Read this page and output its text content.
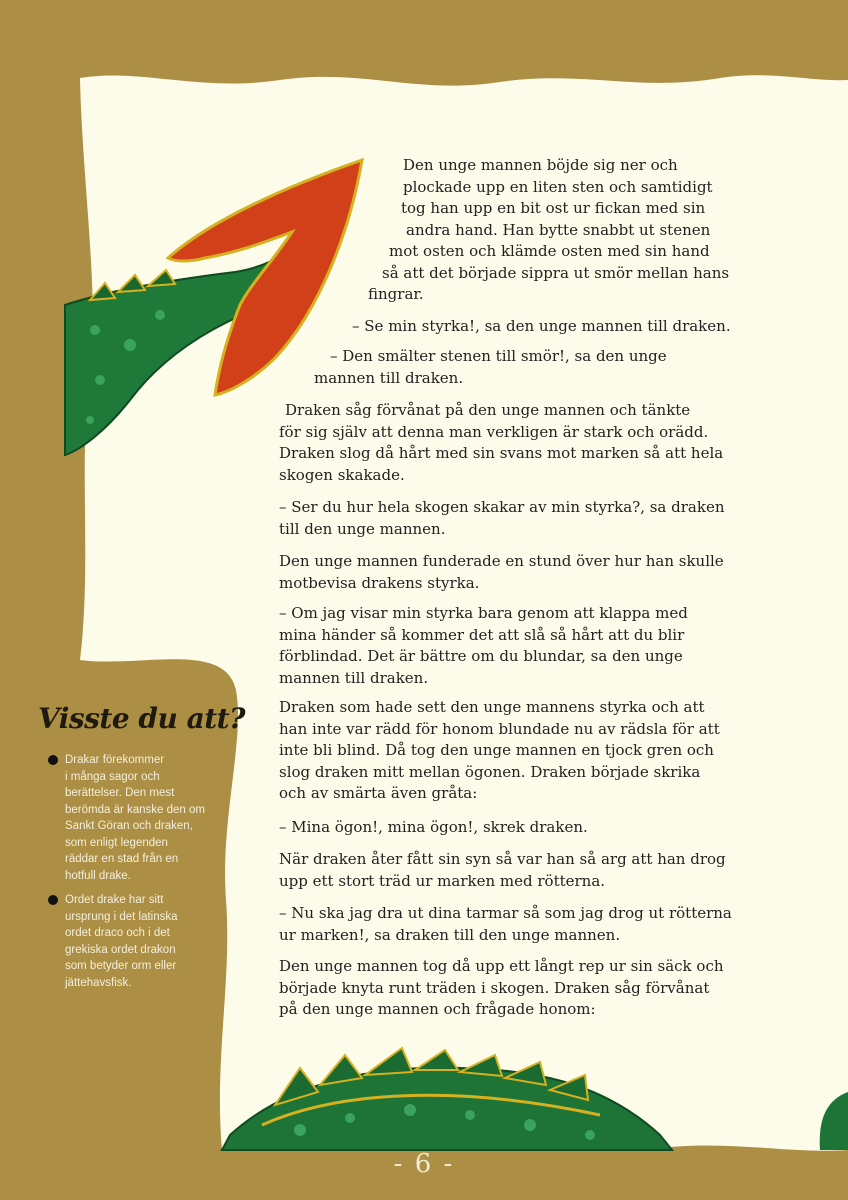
Den unge mannen böjde sig ner och
plockade upp en liten sten och samtidigt
tog han upp en bit ost ur fickan med sin
andra hand. Han bytte snabbt ut stenen
mot osten och klämde osten med sin hand
så att det började sippra ut smör mellan hans
fingrar.

– Se min styrka!, sa den unge mannen till draken.

– Den smälter stenen till smör!, sa den unge
mannen till draken.

Draken såg förvånat på den unge mannen och tänkte
för sig själv att denna man verkligen är stark och orädd.
Draken slog då hårt med sin svans mot marken så att hela
skogen skakade.

– Ser du hur hela skogen skakar av min styrka?, sa draken
till den unge mannen.

Den unge mannen funderade en stund över hur han skulle
motbevisa drakens styrka.

– Om jag visar min styrka bara genom att klappa med
mina händer så kommer det att slå så hårt att du blir
förblindad. Det är bättre om du blundar, sa den unge
mannen till draken.

Draken som hade sett den unge mannens styrka och att
han inte var rädd för honom blundade nu av rädsla för att
inte bli blind. Då tog den unge mannen en tjock gren och
slog draken mitt mellan ögonen. Draken började skrika
och av smärta även gråta:

– Mina ögon!, mina ögon!, skrek draken.

När draken åter fått sin syn så var han så arg att han drog
upp ett stort träd ur marken med rötterna.

– Nu ska jag dra ut dina tarmar så som jag drog ut rötterna
ur marken!, sa draken till den unge mannen.

Den unge mannen tog då upp ett långt rep ur sin säck och
började knyta runt träden i skogen. Draken såg förvånat
på den unge mannen och frågade honom:

Visste du att?
Drakar förekommer
i många sagor och
berättelser. Den mest
berömda är kanske den om
Sankt Göran och draken,
som enligt legenden
räddar en stad från en
hotfull drake.
Ordet drake har sitt
ursprung i det latinska
ordet draco och i det
grekiska ordet drakon
som betyder orm eller
jättehavsfisk.
- 6 -
